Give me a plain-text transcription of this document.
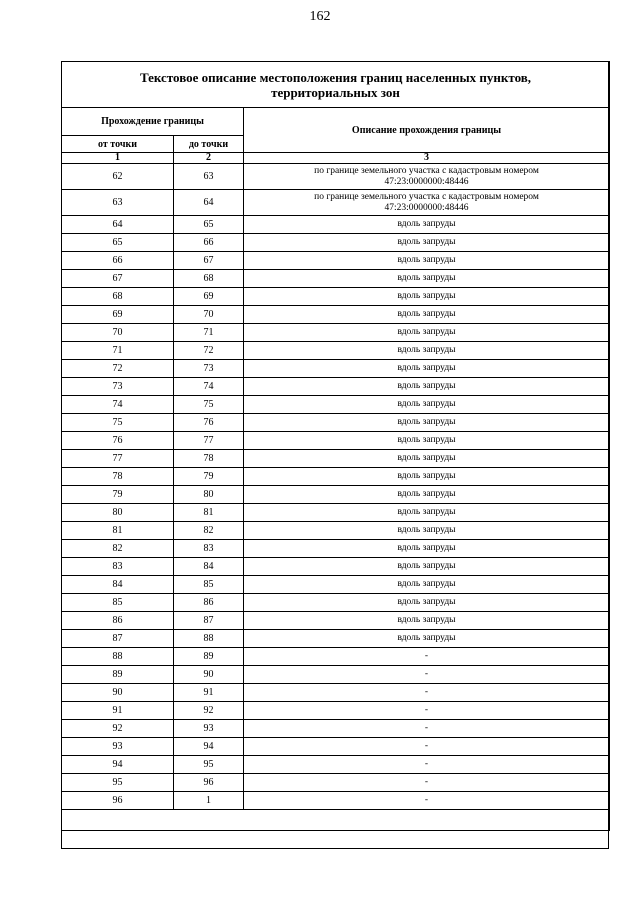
162
Текстовое описание местоположения границ населенных пунктов,
территориальных зон		
Прохождение границы		Описание прохождения границы
от точки	до точки	
1	2	3
62	63	по границе земельного участка с кадастровым номером
47:23:0000000:48446
63	64	по границе земельного участка с кадастровым номером
47:23:0000000:48446
64	65	вдоль запруды
65	66	вдоль запруды
66	67	вдоль запруды
67	68	вдоль запруды
68	69	вдоль запруды
69	70	вдоль запруды
70	71	вдоль запруды
71	72	вдоль запруды
72	73	вдоль запруды
73	74	вдоль запруды
74	75	вдоль запруды
75	76	вдоль запруды
76	77	вдоль запруды
77	78	вдоль запруды
78	79	вдоль запруды
79	80	вдоль запруды
80	81	вдоль запруды
81	82	вдоль запруды
82	83	вдоль запруды
83	84	вдоль запруды
84	85	вдоль запруды
85	86	вдоль запруды
86	87	вдоль запруды
87	88	вдоль запруды
88	89	-
89	90	-
90	91	-
91	92	-
92	93	-
93	94	-
94	95	-
95	96	-
96	1	-
